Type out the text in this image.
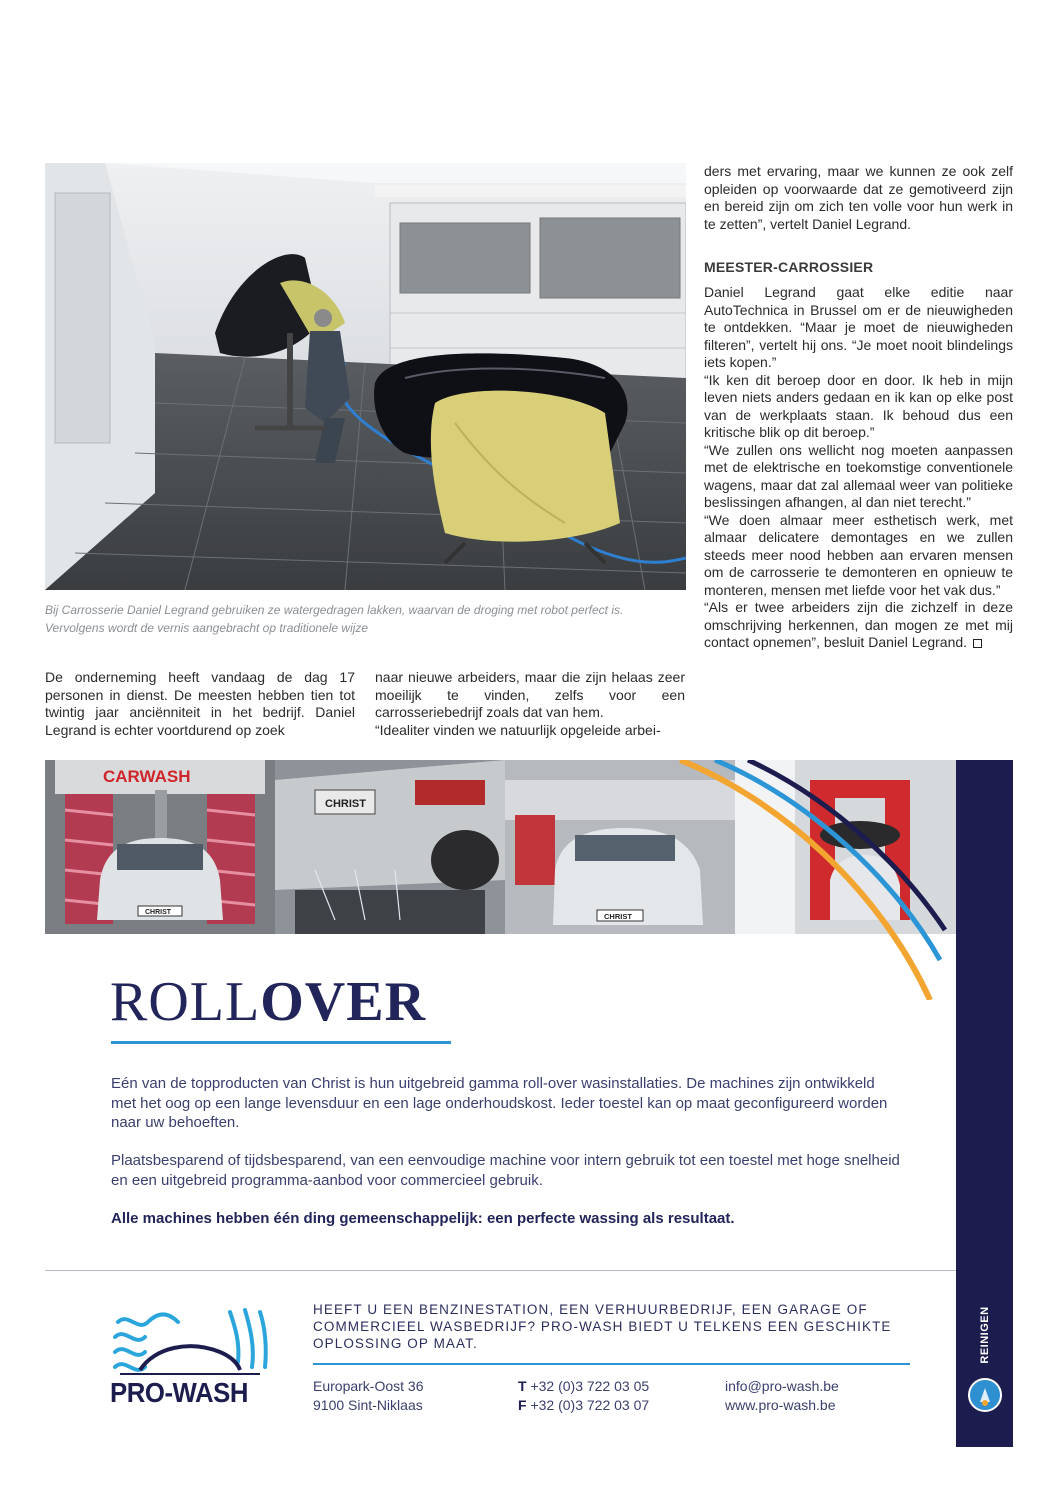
Bij Carrosserie Daniel Legrand gebruiken ze watergedragen lakken, waarvan de droging met robot perfect is. Vervolgens wordt de vernis aangebracht op traditionele wijze

De onderneming heeft vandaag de dag 17 personen in dienst. De meesten hebben tien tot twintig jaar anciënniteit in het bedrijf. Daniel Legrand is echter voortdurend op zoek

naar nieuwe arbeiders, maar die zijn helaas zeer moeilijk te vinden, zelfs voor een carrosseriebedrijf zoals dat van hem.

“Idealiter vinden we natuurlijk opgeleide arbei-

ders met ervaring, maar we kunnen ze ook zelf opleiden op voorwaarde dat ze gemotiveerd zijn en bereid zijn om zich ten volle voor hun werk in te zetten”, vertelt Daniel Legrand.

MEESTER-CARROSSIER

Daniel Legrand gaat elke editie naar AutoTechnica in Brussel om er de nieuwigheden te ontdekken. “Maar je moet de nieuwigheden filteren”, vertelt hij ons. “Je moet nooit blindelings iets kopen.”

“Ik ken dit beroep door en door. Ik heb in mijn leven niets anders gedaan en ik kan op elke post van de werkplaats staan. Ik behoud dus een kritische blik op dit beroep.”

“We zullen ons wellicht nog moeten aanpassen met de elektrische en toekomstige conventionele wagens, maar dat zal allemaal weer van politieke beslissingen afhangen, al dan niet terecht.”

“We doen almaar meer esthetisch werk, met almaar delicatere demontages en we zullen steeds meer nood hebben aan ervaren mensen om de carrosserie te demonteren en opnieuw te monteren, mensen met liefde voor het vak dus.”

“Als er twee arbeiders zijn die zichzelf in deze omschrijving herkennen, dan mogen ze met mij contact opnemen”, besluit Daniel Legrand.

CARWASH
CHRIST
CHRIST
CHRIST
REINIGEN
ROLLOVER

Eén van de topproducten van Christ is hun uitgebreid gamma roll-over wasinstallaties. De machines zijn ontwikkeld met het oog op een lange levensduur en een lage onderhoudskost. Ieder toestel kan op maat geconfigureerd worden naar uw behoeften.

Plaatsbesparend of tijdsbesparend, van een eenvoudige machine voor intern gebruik tot een toestel met hoge snelheid en een uitgebreid programma-aanbod voor commercieel gebruik.

Alle machines hebben één ding gemeenschappelijk: een perfecte wassing als resultaat.

PRO-WASH

HEEFT U EEN BENZINESTATION, EEN VERHUURBEDRIJF, EEN GARAGE OF COMMERCIEEL WASBEDRIJF? PRO-WASH BIEDT U TELKENS EEN GESCHIKTE OPLOSSING OP MAAT.

Europark-Oost 36
9100 Sint-Niklaas
T +32 (0)3 722 03 05
F +32 (0)3 722 03 07
info@pro-wash.be
www.pro-wash.be
